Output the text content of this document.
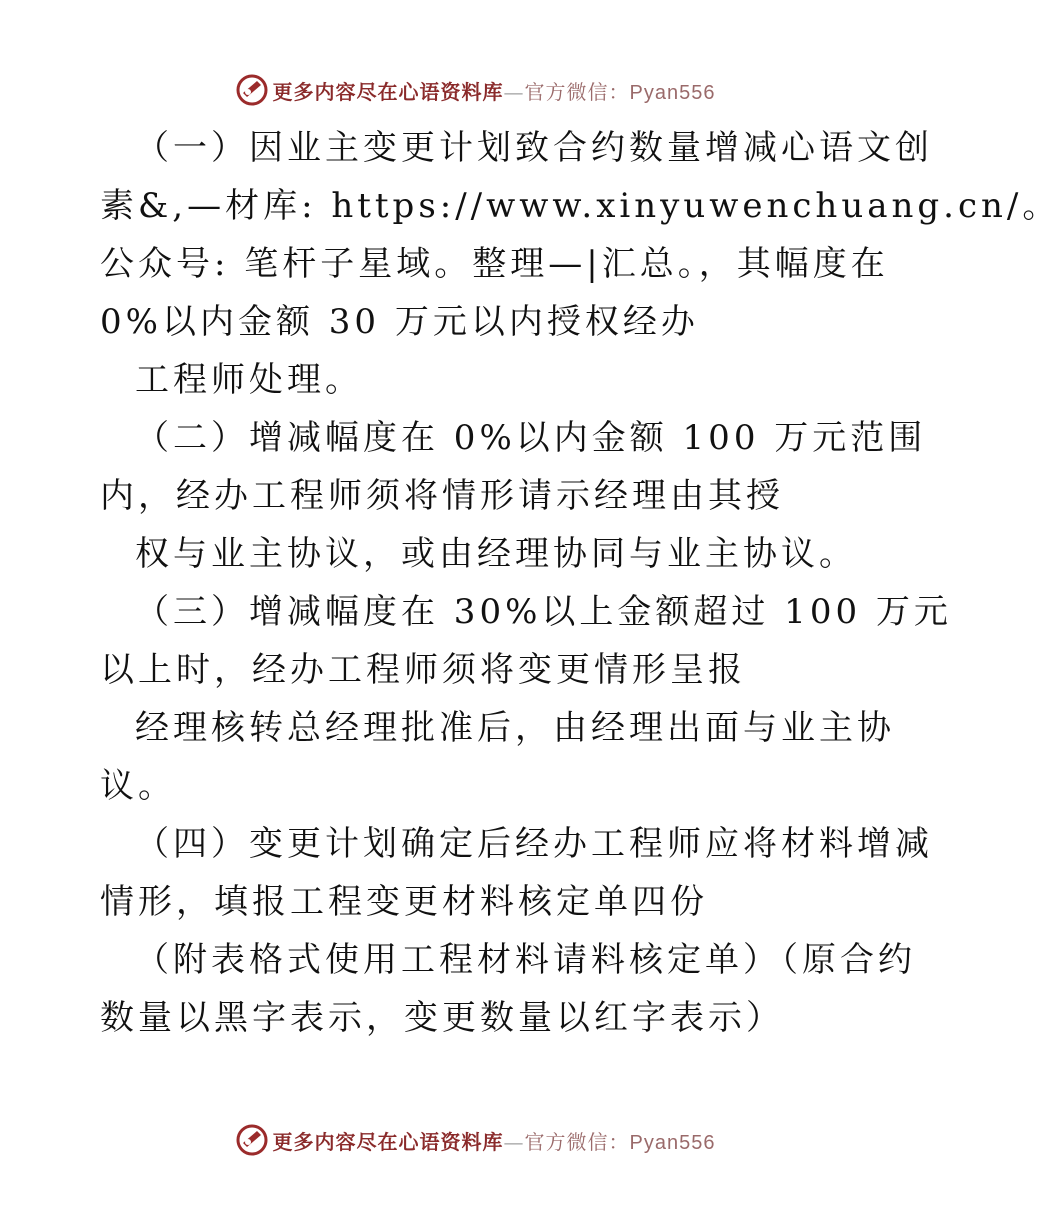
更多内容尽在心语资料库—官方微信：Pyan556
（一）因业主变更计划致合约数量增减心语文创
素&,—材库: https://www.xinyuwenchuang.cn/。
公众号: 笔杆子星域。整理—|汇总。，其幅度在
0%以内金额 30 万元以内授权经办
工程师处理。
（二）增减幅度在 0%以内金额 100 万元范围
内，经办工程师须将情形请示经理由其授
权与业主协议，或由经理协同与业主协议。
（三）增减幅度在 30%以上金额超过 100 万元
以上时，经办工程师须将变更情形呈报
经理核转总经理批准后，由经理出面与业主协
议。
（四）变更计划确定后经办工程师应将材料增减
情形，填报工程变更材料核定单四份
（附表格式使用工程材料请料核定单）（原合约
数量以黑字表示，变更数量以红字表示）
更多内容尽在心语资料库—官方微信：Pyan556
